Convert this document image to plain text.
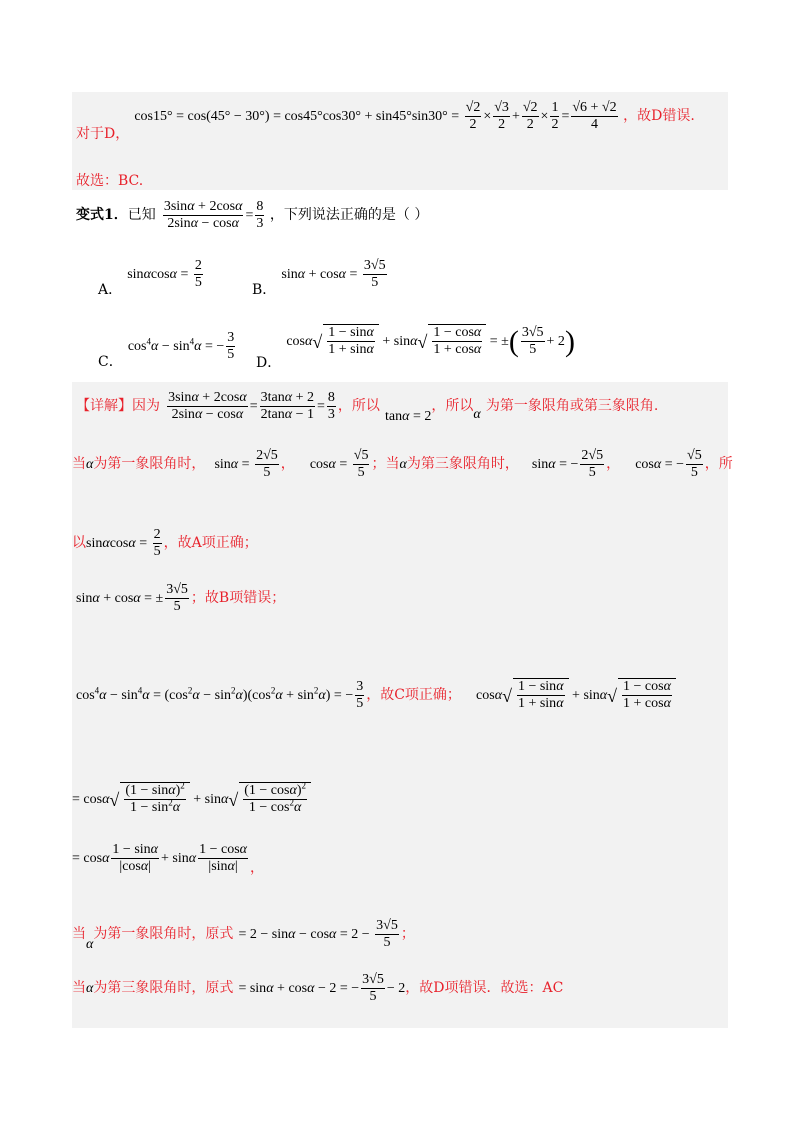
对于D， $\cos 15^\circ = \cos(45^\circ - 30^\circ) = \cos 45^\circ\cos 30^\circ + \sin 45^\circ\sin 30^\circ = \frac{√2}{2} \times \frac{√3}{2} + \frac{√2}{2} \times \frac{1}{2} = \frac{√6 + √2}{4}$ ，故D错误.
故选：BC.
变式1．已知 $\frac{3\sin\alpha + 2\cos\alpha}{2\sin\alpha - \cos\alpha} = \frac{8}{3}$ ，下列说法正确的是（ ）
A． $\sin\alpha\cos\alpha = \frac{2}{5}$	B． $\sin\alpha + \cos\alpha = \frac{3√5}{5}$
C． $\cos^4\alpha - \sin^4\alpha$ = − $\frac{3}{5}$ D． $\cos\alpha√ \frac{1 - \sin\alpha}{1 + \sin\alpha} + \sin\alpha√ \frac{1 - \cos\alpha}{1 + \cos\alpha}$ = ±( $\frac{3√5}{5} + 2$)
【详解】因为 $\frac{3\sin\alpha + 2\cos\alpha}{2\sin\alpha - \cos\alpha} = \frac{3\tan\alpha + 2}{2\tan\alpha - 1} = \frac{8}{3}$ ，所以 tanα = 2，所以α 为第一象限角或第三象限角.
当α为第一象限角时， $\sin\alpha = \frac{2√5}{5}$ ， $\cos\alpha = \frac{√5}{5}$ ；当α为第三象限角时， sinα = − $\frac{2√5}{5}$ ， cosα = − $\frac{√5}{5}$ ，所
以$\sin\alpha\cos\alpha = \frac{2}{5}$ ，故A项正确；
sinα + cosα = ± $\frac{3√5}{5}$ ；故B项错误；
$\cos^4\alpha - \sin^4\alpha = (\cos^2\alpha - \sin^2\alpha)(\cos^2\alpha + \sin^2\alpha)$ = − $\frac{3}{5}$ ，故C项正确； $\cos\alpha√ \frac{1 - \sin\alpha}{1 + \sin\alpha} + \sin\alpha√ \frac{1 - \cos\alpha}{1 + \cos\alpha}$
= $\cos\alpha√ \frac{(1 - \sin\alpha)^2}{1 - \sin^2\alpha} + \sin\alpha√ \frac{(1 - \cos\alpha)^2}{1 - \cos^2\alpha}$
= cosα $\frac{1 - \sin\alpha}{|\cos\alpha|} + \sin\alpha \frac{1 - \cos\alpha}{|\sin\alpha|}$ ，
当α为第一象限角时，原式 = $2 - \sin\alpha - \cos\alpha = 2 - \frac{3√5}{5}$ ；
当α为第三象限角时，原式 = sinα + cosα − 2 = − $\frac{3√5}{5} - 2$，故D项错误．故选：AC
